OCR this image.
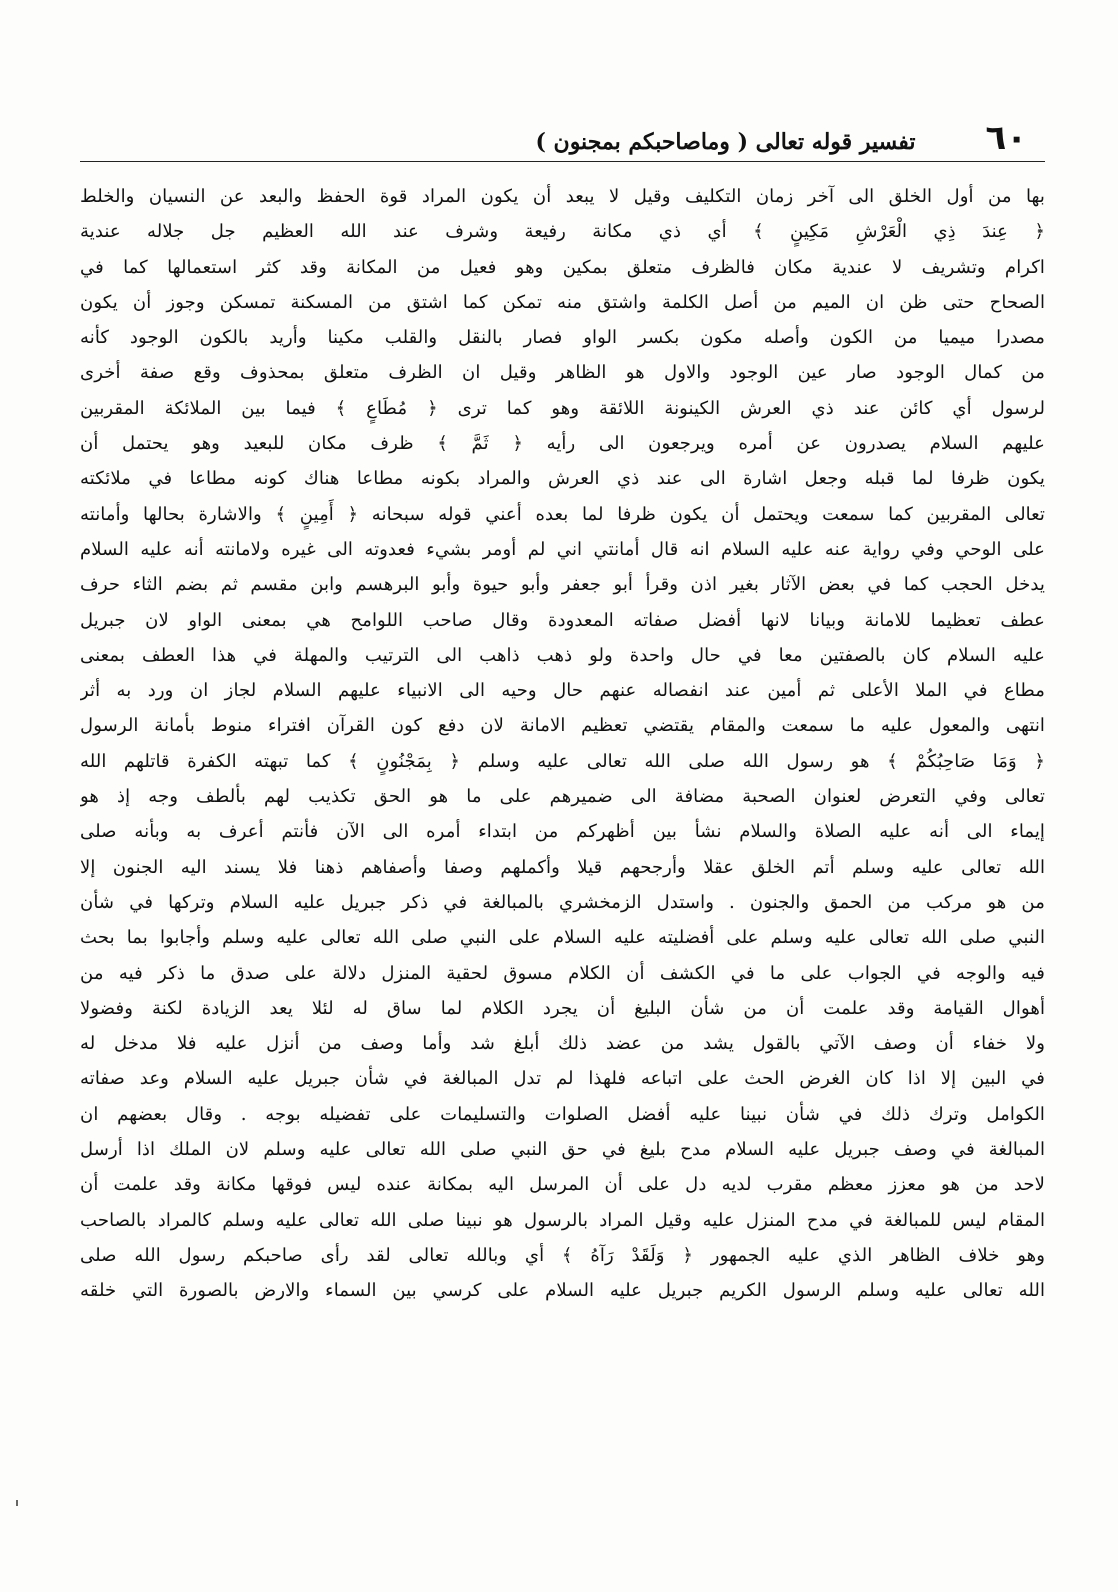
٦٠
تفسير قوله تعالى ( وماصاحبكم بمجنون )
بها من أول الخلق الى آخر زمان التكليف وقيل لا يبعد أن يكون المراد قوة الحفظ والبعد عن النسيان والخلط
﴿ عِندَ ذِي الْعَرْشِ مَكِينٍ ﴾ أي ذي مكانة رفيعة وشرف عند الله العظيم جل جلاله عندية
اكرام وتشريف لا عندية مكان فالظرف متعلق بمكين وهو فعيل من المكانة وقد كثر استعمالها كما في
الصحاح حتى ظن ان الميم من أصل الكلمة واشتق منه تمكن كما اشتق من المسكنة تمسكن وجوز أن يكون
مصدرا ميميا من الكون وأصله مكون بكسر الواو فصار بالنقل والقلب مكينا وأريد بالكون الوجود كأنه
من كمال الوجود صار عين الوجود والاول هو الظاهر وقيل ان الظرف متعلق بمحذوف وقع صفة أخرى
لرسول أي كائن عند ذي العرش الكينونة اللائقة وهو كما ترى ﴿ مُطَاعٍ ﴾ فيما بين الملائكة المقربين
عليهم السلام يصدرون عن أمره ويرجعون الى رأيه ﴿ ثَمَّ ﴾ ظرف مكان للبعيد وهو يحتمل أن
يكون ظرفا لما قبله وجعل اشارة الى عند ذي العرش والمراد بكونه مطاعا هناك كونه مطاعا في ملائكته
تعالى المقربين كما سمعت ويحتمل أن يكون ظرفا لما بعده أعني قوله سبحانه ﴿ أَمِينٍ ﴾ والاشارة بحالها وأمانته
على الوحي وفي رواية عنه عليه السلام انه قال أمانتي اني لم أومر بشيء فعدوته الى غيره ولامانته أنه عليه السلام
يدخل الحجب كما في بعض الآثار بغير اذن وقرأ أبو جعفر وأبو حيوة وأبو البرهسم وابن مقسم ثم بضم الثاء حرف
عطف تعظيما للامانة وبيانا لانها أفضل صفاته المعدودة وقال صاحب اللوامح هي بمعنى الواو لان جبريل
عليه السلام كان بالصفتين معا في حال واحدة ولو ذهب ذاهب الى الترتيب والمهلة في هذا العطف بمعنى
مطاع في الملا الأعلى ثم أمين عند انفصاله عنهم حال وحيه الى الانبياء عليهم السلام لجاز ان ورد به أثر
انتهى والمعول عليه ما سمعت والمقام يقتضي تعظيم الامانة لان دفع كون القرآن افتراء منوط بأمانة الرسول
﴿ وَمَا صَاحِبُكُمْ ﴾ هو رسول الله صلى الله تعالى عليه وسلم ﴿ بِمَجْنُونٍ ﴾ كما تبهته الكفرة قاتلهم الله
تعالى وفي التعرض لعنوان الصحبة مضافة الى ضميرهم على ما هو الحق تكذيب لهم بألطف وجه إذ هو
إيماء الى أنه عليه الصلاة والسلام نشأ بين أظهركم من ابتداء أمره الى الآن فأنتم أعرف به وبأنه صلى
الله تعالى عليه وسلم أتم الخلق عقلا وأرجحهم قيلا وأكملهم وصفا وأصفاهم ذهنا فلا يسند اليه الجنون إلا
من هو مركب من الحمق والجنون . واستدل الزمخشري بالمبالغة في ذكر جبريل عليه السلام وتركها في شأن
النبي صلى الله تعالى عليه وسلم على أفضليته عليه السلام على النبي صلى الله تعالى عليه وسلم وأجابوا بما بحث
فيه والوجه في الجواب على ما في الكشف أن الكلام مسوق لحقية المنزل دلالة على صدق ما ذكر فيه من
أهوال القيامة وقد علمت أن من شأن البليغ أن يجرد الكلام لما ساق له لئلا يعد الزيادة لكنة وفضولا
ولا خفاء أن وصف الآتي بالقول يشد من عضد ذلك أبلغ شد وأما وصف من أنزل عليه فلا مدخل له
في البين إلا اذا كان الغرض الحث على اتباعه فلهذا لم تدل المبالغة في شأن جبريل عليه السلام وعد صفاته
الكوامل وترك ذلك في شأن نبينا عليه أفضل الصلوات والتسليمات على تفضيله بوجه . وقال بعضهم ان
المبالغة في وصف جبريل عليه السلام مدح بليغ في حق النبي صلى الله تعالى عليه وسلم لان الملك اذا أرسل
لاحد من هو معزز معظم مقرب لديه دل على أن المرسل اليه بمكانة عنده ليس فوقها مكانة وقد علمت أن
المقام ليس للمبالغة في مدح المنزل عليه وقيل المراد بالرسول هو نبينا صلى الله تعالى عليه وسلم كالمراد بالصاحب
وهو خلاف الظاهر الذي عليه الجمهور ﴿ وَلَقَدْ رَآهُ ﴾ أي وبالله تعالى لقد رأى صاحبكم رسول الله صلى
الله تعالى عليه وسلم الرسول الكريم جبريل عليه السلام على كرسي بين السماء والارض بالصورة التي خلقه
